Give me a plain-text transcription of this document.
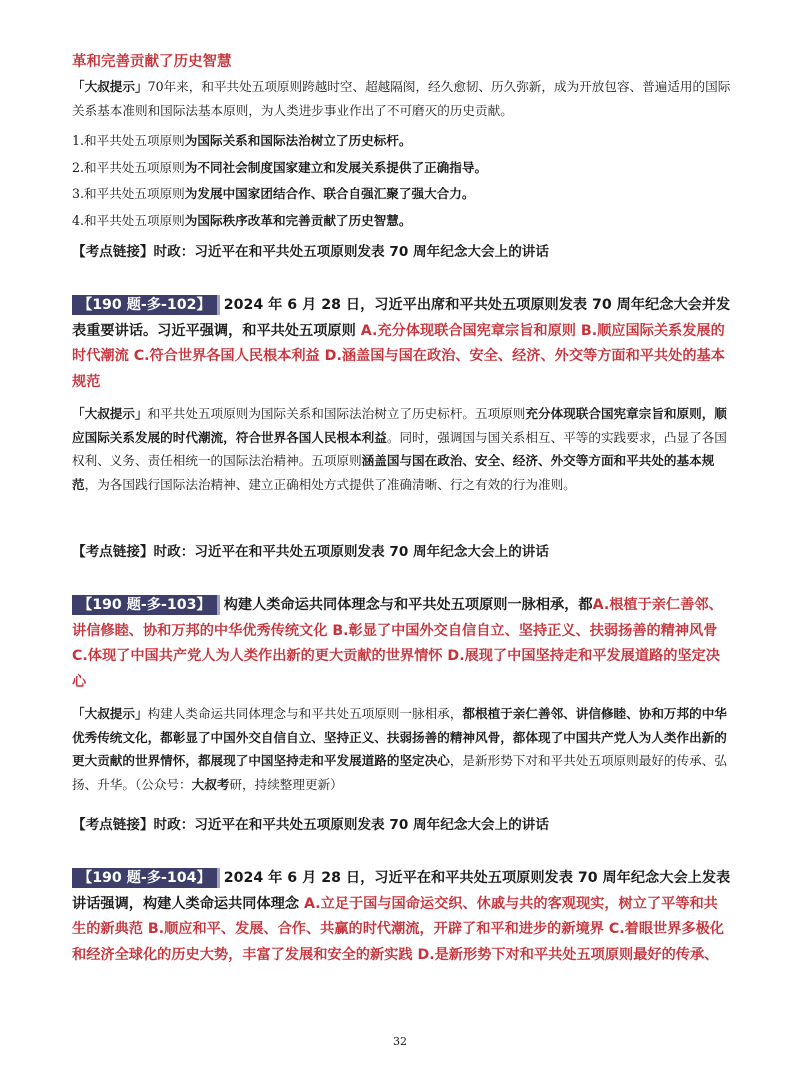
革和完善贡献了历史智慧
「大叔提示」70年来，和平共处五项原则跨越时空、超越隔阂，经久愈韧、历久弥新，成为开放包容、普遍适用的国际关系基本准则和国际法基本原则，为人类进步事业作出了不可磨灭的历史贡献。
1.和平共处五项原则为国际关系和国际法治树立了历史标杆。
2.和平共处五项原则为不同社会制度国家建立和发展关系提供了正确指导。
3.和平共处五项原则为发展中国家团结合作、联合自强汇聚了强大合力。
4.和平共处五项原则为国际秩序改革和完善贡献了历史智慧。
【考点链接】时政：习近平在和平共处五项原则发表 70 周年纪念大会上的讲话
【190 题-多-102】 2024 年 6 月 28 日，习近平出席和平共处五项原则发表 70 周年纪念大会并发表重要讲话。习近平强调，和平共处五项原则 A.充分体现联合国宪章宗旨和原则 B.顺应国际关系发展的时代潮流 C.符合世界各国人民根本利益 D.涵盖国与国在政治、安全、经济、外交等方面和平共处的基本规范
「大叔提示」和平共处五项原则为国际关系和国际法治树立了历史标杆。五项原则充分体现联合国宪章宗旨和原则，顺应国际关系发展的时代潮流，符合世界各国人民根本利益。同时，强调国与国关系相互、平等的实践要求，凸显了各国权利、义务、责任相统一的国际法治精神。五项原则涵盖国与国在政治、安全、经济、外交等方面和平共处的基本规范，为各国践行国际法治精神、建立正确相处方式提供了准确清晰、行之有效的行为准则。
【考点链接】时政：习近平在和平共处五项原则发表 70 周年纪念大会上的讲话
【190 题-多-103】 构建人类命运共同体理念与和平共处五项原则一脉相承，都A.根植于亲仁善邻、讲信修睦、协和万邦的中华优秀传统文化 B.彰显了中国外交自信自立、坚持正义、扶弱扬善的精神风骨 C.体现了中国共产党人为人类作出新的更大贡献的世界情怀 D.展现了中国坚持走和平发展道路的坚定决心
「大叔提示」构建人类命运共同体理念与和平共处五项原则一脉相承，都根植于亲仁善邻、讲信修睦、协和万邦的中华优秀传统文化，都彰显了中国外交自信自立、坚持正义、扶弱扬善的精神风骨，都体现了中国共产党人为人类作出新的更大贡献的世界情怀，都展现了中国坚持走和平发展道路的坚定决心，是新形势下对和平共处五项原则最好的传承、弘扬、升华。（公众号：大叔考研，持续整理更新）
【考点链接】时政：习近平在和平共处五项原则发表 70 周年纪念大会上的讲话
【190 题-多-104】 2024 年 6 月 28 日，习近平在和平共处五项原则发表 70 周年纪念大会上发表讲话强调，构建人类命运共同体理念 A.立足于国与国命运交织、休戚与共的客观现实，树立了平等和共生的新典范 B.顺应和平、发展、合作、共赢的时代潮流，开辟了和平和进步的新境界 C.着眼世界多极化和经济全球化的历史大势，丰富了发展和安全的新实践 D.是新形势下对和平共处五项原则最好的传承、
32
